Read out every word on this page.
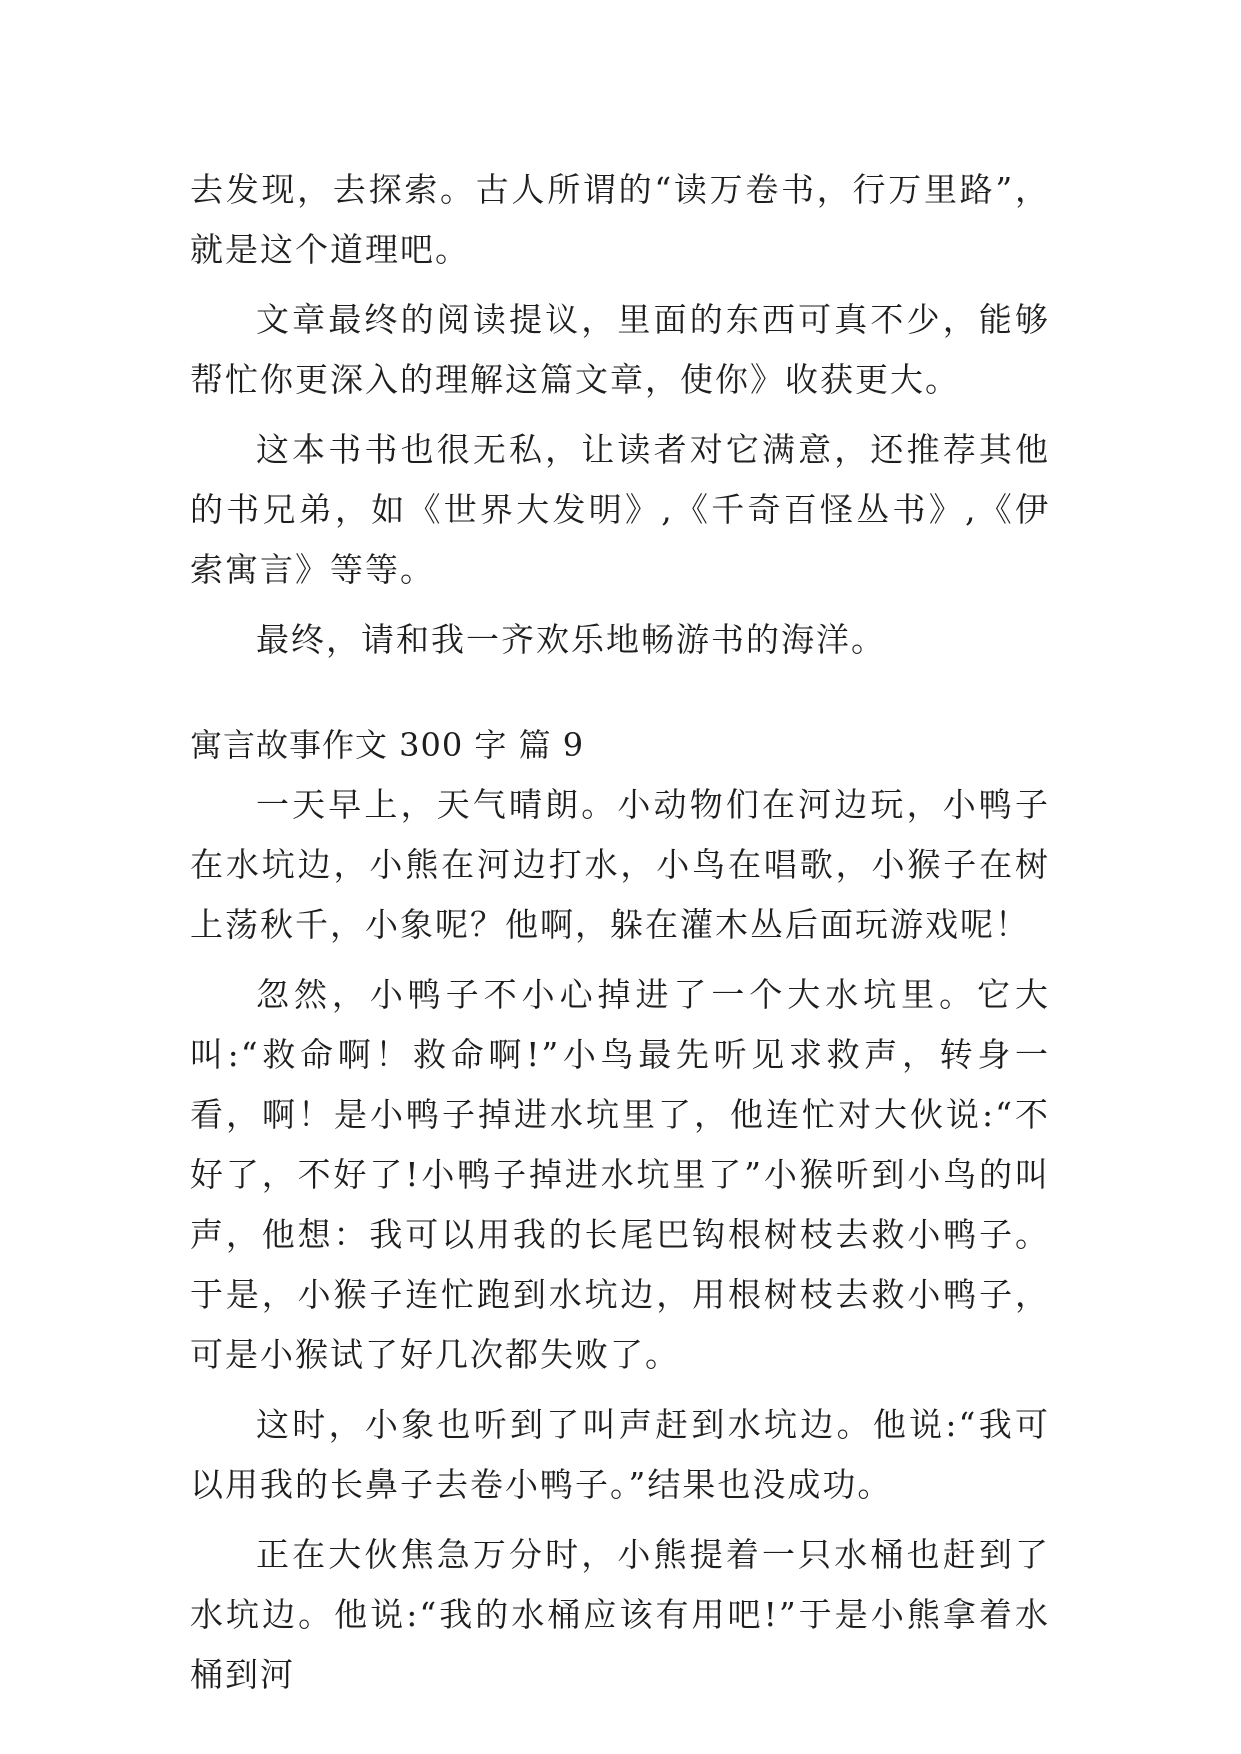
去发现，去探索。古人所谓的“读万卷书，行万里路”，就是这个道理吧。

文章最终的阅读提议，里面的东西可真不少，能够帮忙你更深入的理解这篇文章，使你》收获更大。

这本书书也很无私，让读者对它满意，还推荐其他的书兄弟，如《世界大发明》,《千奇百怪丛书》,《伊索寓言》等等。

最终，请和我一齐欢乐地畅游书的海洋。

寓言故事作文 300 字 篇 9

一天早上，天气晴朗。小动物们在河边玩，小鸭子在水坑边，小熊在河边打水，小鸟在唱歌，小猴子在树上荡秋千，小象呢？他啊，躲在灌木丛后面玩游戏呢！

忽然，小鸭子不小心掉进了一个大水坑里。它大叫:“救命啊！救命啊!”小鸟最先听见求救声，转身一看，啊！是小鸭子掉进水坑里了，他连忙对大伙说:“不好了，不好了!小鸭子掉进水坑里了”小猴听到小鸟的叫声，他想：我可以用我的长尾巴钩根树枝去救小鸭子。于是，小猴子连忙跑到水坑边，用根树枝去救小鸭子，可是小猴试了好几次都失败了。

这时，小象也听到了叫声赶到水坑边。他说:“我可以用我的长鼻子去卷小鸭子。”结果也没成功。

正在大伙焦急万分时，小熊提着一只水桶也赶到了水坑边。他说:“我的水桶应该有用吧!”于是小熊拿着水桶到河
